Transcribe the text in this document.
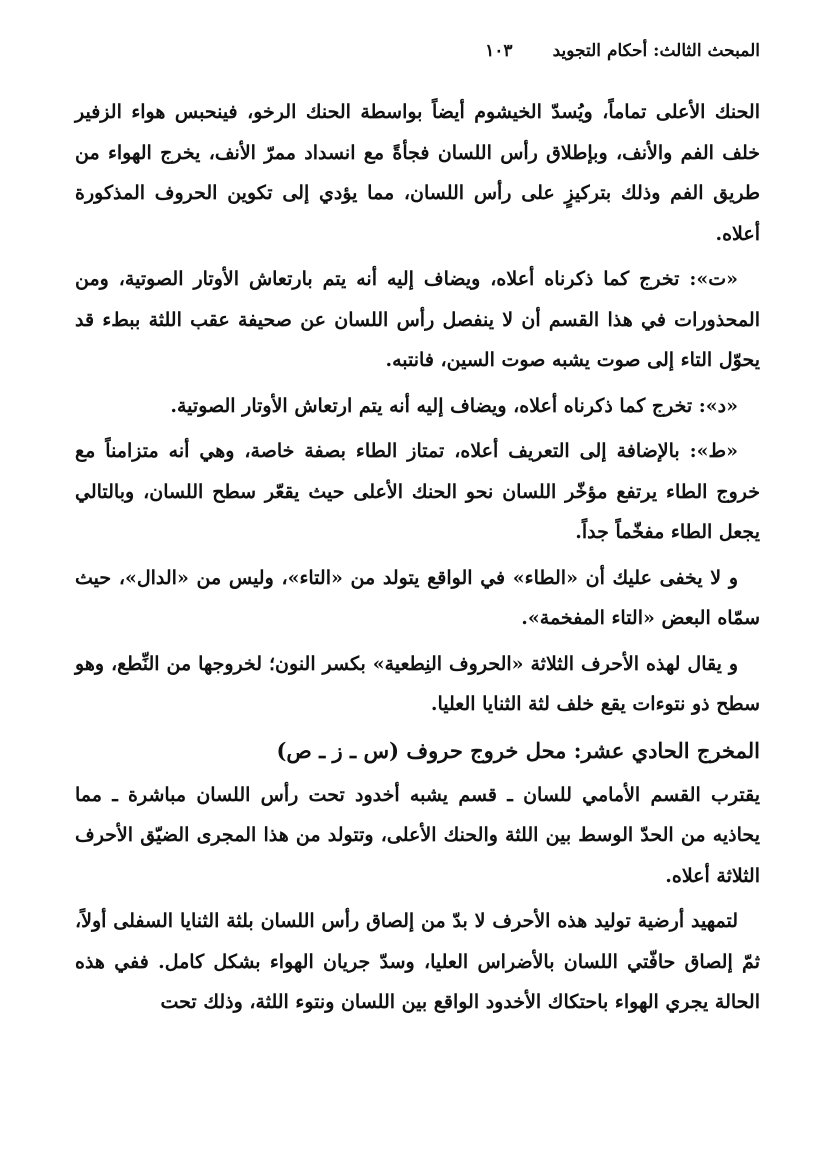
المبحث الثالث: أحكام التجويد
١٠٣

الحنك الأعلى تماماً، ويُسدّ الخيشوم أيضاً بواسطة الحنك الرخو، فينحبس هواء الزفير خلف الفم والأنف، وبإطلاق رأس اللسان فجأةً مع انسداد ممرّ الأنف، يخرج الهواء من طريق الفم وذلك بتركيزٍ على رأس اللسان، مما يؤدي إلى تكوين الحروف المذكورة أعلاه.

«ت»: تخرج كما ذكرناه أعلاه، ويضاف إليه أنه يتم بارتعاش الأوتار الصوتية، ومن المحذورات في هذا القسم أن لا ينفصل رأس اللسان عن صحيفة عقب اللثة ببطء قد يحوّل التاء إلى صوت يشبه صوت السين، فانتبه.

«د»: تخرج كما ذكرناه أعلاه، ويضاف إليه أنه يتم ارتعاش الأوتار الصوتية.

«ط»: بالإضافة إلى التعريف أعلاه، تمتاز الطاء بصفة خاصة، وهي أنه متزامناً مع خروج الطاء يرتفع مؤخّر اللسان نحو الحنك الأعلى حيث يقعّر سطح اللسان، وبالتالي يجعل الطاء مفخّماً جداً.

و لا يخفى عليك أن «الطاء» في الواقع يتولد من «التاء»، وليس من «الدال»، حيث سمّاه البعض «التاء المفخمة».

و يقال لهذه الأحرف الثلاثة «الحروف النِطعية» بكسر النون؛ لخروجها من النِّطع، وهو سطح ذو نتوءات يقع خلف لثة الثنايا العليا.

المخرج الحادي عشر: محل خروج حروف (س ـ ز ـ ص)

يقترب القسم الأمامي للسان ـ قسم يشبه أخدود تحت رأس اللسان مباشرة ـ مما يحاذيه من الحدّ الوسط بين اللثة والحنك الأعلى، وتتولد من هذا المجرى الضيّق الأحرف الثلاثة أعلاه.

لتمهيد أرضية توليد هذه الأحرف لا بدّ من إلصاق رأس اللسان بلثة الثنايا السفلى أولاً، ثمّ إلصاق حافّتي اللسان بالأضراس العليا، وسدّ جريان الهواء بشكل كامل. ففي هذه الحالة يجري الهواء باحتكاك الأخدود الواقع بين اللسان ونتوء اللثة، وذلك تحت
